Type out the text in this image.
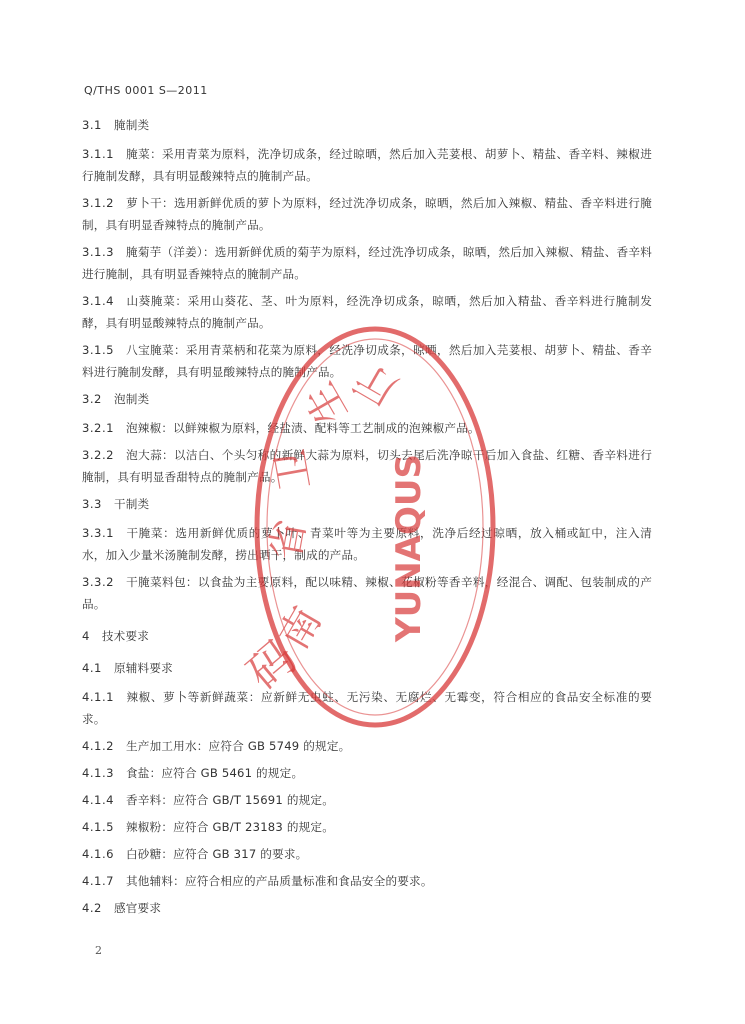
Q/THS 0001 S—2011
3.1 腌制类
3.1.1 腌菜：采用青菜为原料，洗净切成条，经过晾晒，然后加入芫荽根、胡萝卜、精盐、香辛料、辣椒进行腌制发酵，具有明显酸辣特点的腌制产品。
3.1.2 萝卜干：选用新鲜优质的萝卜为原料，经过洗净切成条，晾晒，然后加入辣椒、精盐、香辛料进行腌制，具有明显香辣特点的腌制产品。
3.1.3 腌菊芋（洋姜）：选用新鲜优质的菊芋为原料，经过洗净切成条，晾晒，然后加入辣椒、精盐、香辛料进行腌制，具有明显香辣特点的腌制产品。
3.1.4 山葵腌菜：采用山葵花、茎、叶为原料，经洗净切成条，晾晒，然后加入精盐、香辛料进行腌制发酵，具有明显酸辣特点的腌制产品。
3.1.5 八宝腌菜：采用青菜柄和花菜为原料，经洗净切成条，晾晒，然后加入芫荽根、胡萝卜、精盐、香辛料进行腌制发酵，具有明显酸辣特点的腌制产品。
3.2 泡制类
3.2.1 泡辣椒：以鲜辣椒为原料，经盐渍、配料等工艺制成的泡辣椒产品。
3.2.2 泡大蒜：以洁白、个头匀称的新鲜大蒜为原料，切头去尾后洗净晾干后加入食盐、红糖、香辛料进行腌制，具有明显香甜特点的腌制产品。
3.3 干制类
3.3.1 干腌菜：选用新鲜优质的萝卜叶、青菜叶等为主要原料，洗净后经过晾晒，放入桶或缸中，注入清水，加入少量米汤腌制发酵，捞出晒干，制成的产品。
3.3.2 干腌菜料包：以食盐为主要原料，配以味精、辣椒、花椒粉等香辛料，经混合、调配、包装制成的产品。
4 技术要求
4.1 原辅料要求
4.1.1 辣椒、萝卜等新鲜蔬菜：应新鲜无虫蛀、无污染、无腐烂、无霉变，符合相应的食品安全标准的要求。
4.1.2 生产加工用水：应符合 GB 5749 的规定。
4.1.3 食盐：应符合 GB 5461 的规定。
4.1.4 香辛料：应符合 GB/T 15691 的规定。
4.1.5 辣椒粉：应符合 GB/T 23183 的规定。
4.1.6 白砂糖：应符合 GB 317 的要求。
4.1.7 其他辅料：应符合相应的产品质量标准和食品安全的要求。
4.2 感官要求
2
南
省
卫
生
厅
YUNAQUS
码
